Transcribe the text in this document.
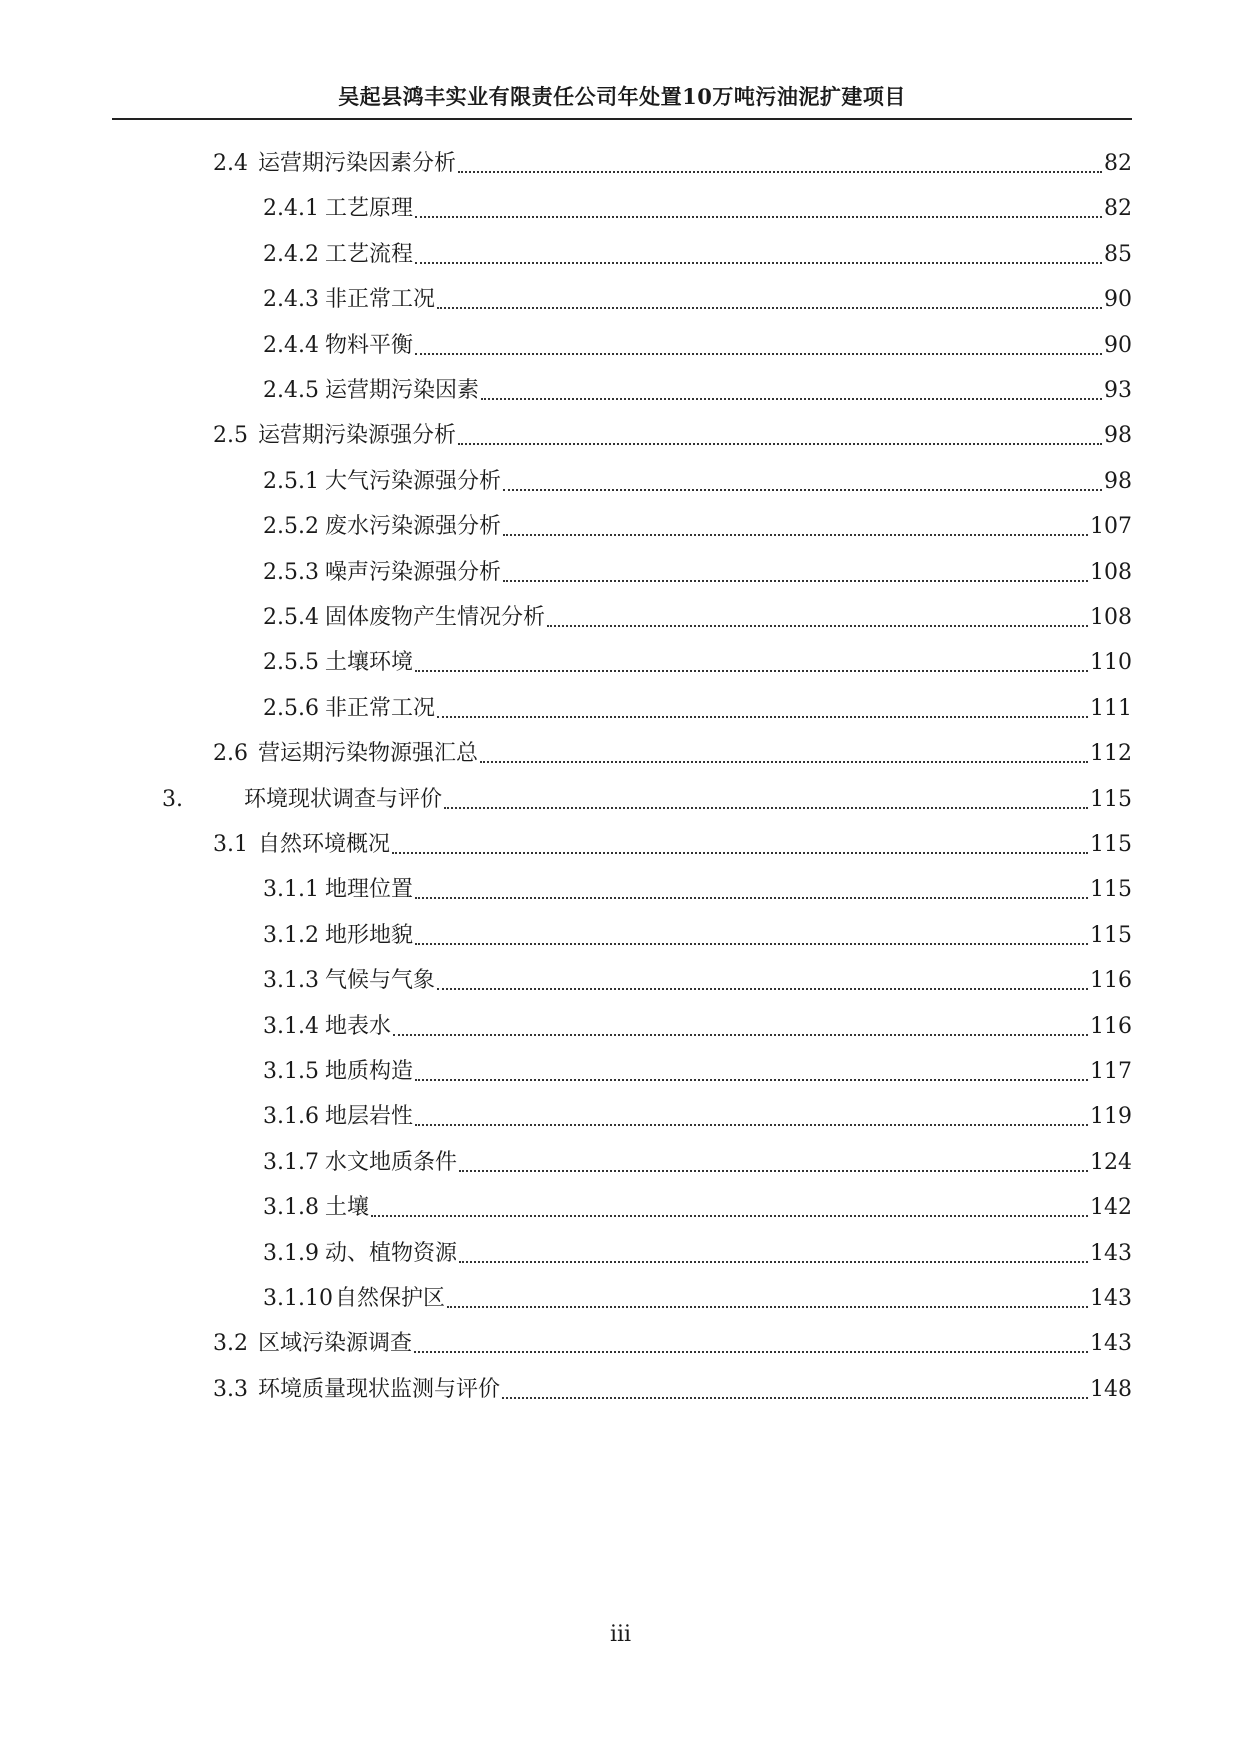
吴起县鸿丰实业有限责任公司年处置10万吨污油泥扩建项目
2.4 运营期污染因素分析	82
2.4.1 工艺原理	82
2.4.2 工艺流程	85
2.4.3 非正常工况	90
2.4.4 物料平衡	90
2.4.5 运营期污染因素	93
2.5 运营期污染源强分析	98
2.5.1 大气污染源强分析	98
2.5.2 废水污染源强分析	107
2.5.3 噪声污染源强分析	108
2.5.4 固体废物产生情况分析	108
2.5.5 土壤环境	110
2.5.6 非正常工况	111
2.6 营运期污染物源强汇总	112
3.	环境现状调查与评价	115
3.1 自然环境概况	115
3.1.1 地理位置	115
3.1.2 地形地貌	115
3.1.3 气候与气象	116
3.1.4 地表水	116
3.1.5 地质构造	117
3.1.6 地层岩性	119
3.1.7 水文地质条件	124
3.1.8 土壤	142
3.1.9 动、植物资源	143
3.1.10 自然保护区	143
3.2 区域污染源调查	143
3.3 环境质量现状监测与评价	148
iii
